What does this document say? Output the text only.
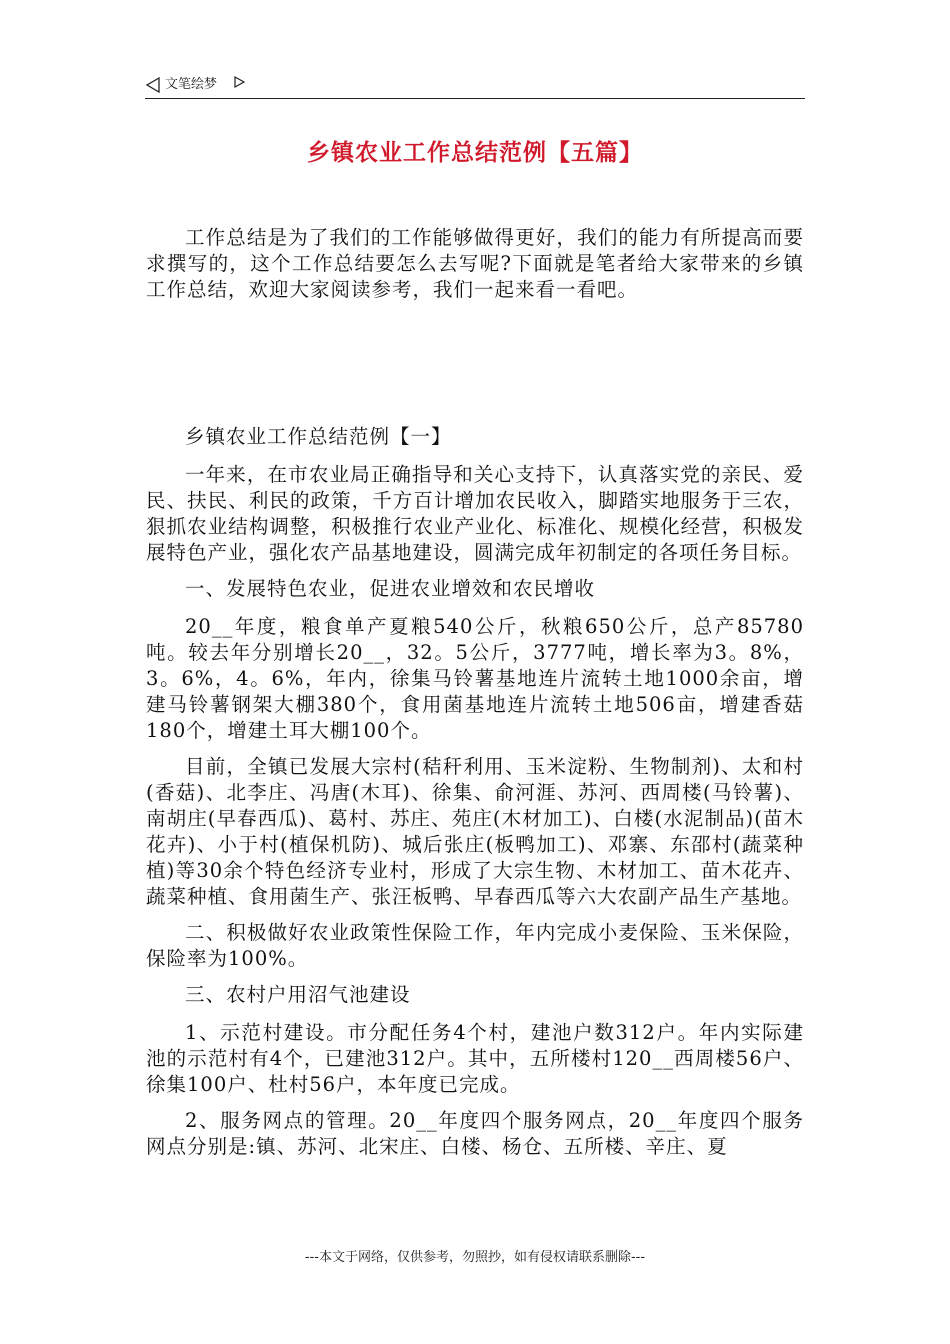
文笔绘梦
乡镇农业工作总结范例【五篇】

工作总结是为了我们的工作能够做得更好，我们的能力有所提高而要求撰写的，这个工作总结要怎么去写呢?下面就是笔者给大家带来的乡镇工作总结，欢迎大家阅读参考，我们一起来看一看吧。

乡镇农业工作总结范例【一】

一年来，在市农业局正确指导和关心支持下，认真落实党的亲民、爱民、扶民、利民的政策，千方百计增加农民收入，脚踏实地服务于三农，狠抓农业结构调整，积极推行农业产业化、标准化、规模化经营，积极发展特色产业，强化农产品基地建设，圆满完成年初制定的各项任务目标。

一、发展特色农业，促进农业增效和农民增收

20__年度，粮食单产夏粮540公斤，秋粮650公斤，总产85780吨。较去年分别增长20__，32。5公斤，3777吨，增长率为3。8%，3。6%，4。6%，年内，徐集马铃薯基地连片流转土地1000余亩，增建马铃薯钢架大棚380个，食用菌基地连片流转土地506亩，增建香菇180个，增建土耳大棚100个。

目前，全镇已发展大宗村(秸秆利用、玉米淀粉、生物制剂)、太和村(香菇)、北李庄、冯唐(木耳)、徐集、俞河涯、苏河、西周楼(马铃薯)、南胡庄(早春西瓜)、葛村、苏庄、苑庄(木材加工)、白楼(水泥制品)(苗木花卉)、小于村(植保机防)、城后张庄(板鸭加工)、邓寨、东邵村(蔬菜种植)等30余个特色经济专业村，形成了大宗生物、木材加工、苗木花卉、蔬菜种植、食用菌生产、张汪板鸭、早春西瓜等六大农副产品生产基地。

二、积极做好农业政策性保险工作，年内完成小麦保险、玉米保险，保险率为100%。

三、农村户用沼气池建设

1、示范村建设。市分配任务4个村，建池户数312户。年内实际建池的示范村有4个，已建池312户。其中，五所楼村120__西周楼56户、徐集100户、杜村56户，本年度已完成。

2、服务网点的管理。20__年度四个服务网点，20__年度四个服务网点分别是:镇、苏河、北宋庄、白楼、杨仓、五所楼、辛庄、夏

---本文于网络，仅供参考，勿照抄，如有侵权请联系删除---
